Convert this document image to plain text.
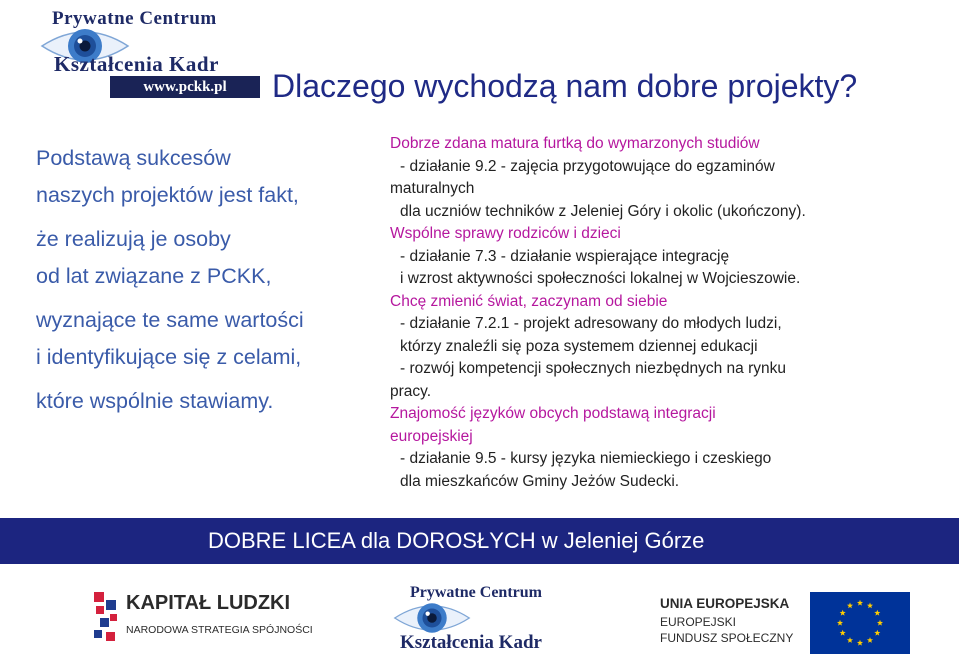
Prywatne Centrum
Kształcenia Kadr
www.pckk.pl	Dlaczego wychodzą nam dobre projekty?

Podstawą sukcesów

naszych projektów jest fakt,

że realizują je osoby

od lat związane z PCKK,

wyznające te same wartości

i identyfikujące się z celami,

które wspólnie stawiamy.

Dobrze zdana matura furtką do wymarzonych studiów

- działanie 9.2 - zajęcia przygotowujące do egzaminów

maturalnych

dla uczniów techników z Jeleniej Góry i okolic (ukończony).

Wspólne sprawy rodziców i dzieci

- działanie 7.3 - działanie wspierające integrację

i wzrost aktywności społeczności lokalnej w Wojcieszowie.

Chcę zmienić świat, zaczynam od siebie

- działanie 7.2.1 - projekt adresowany do młodych ludzi,

którzy znaleźli się poza systemem dziennej edukacji

- rozwój kompetencji społecznych niezbędnych na rynku

pracy.

Znajomość języków obcych podstawą integracji

europejskiej

- działanie 9.5 - kursy języka niemieckiego i czeskiego

dla mieszkańców Gminy Jeżów Sudecki.

DOBRE LICEA dla DOROSŁYCH w Jeleniej Górze
KAPITAŁ LUDZKI
NARODOWA STRATEGIA SPÓJNOŚCI
Prywatne Centrum
Kształcenia Kadr
UNIA EUROPEJSKA
EUROPEJSKI
FUNDUSZ SPOŁECZNY
